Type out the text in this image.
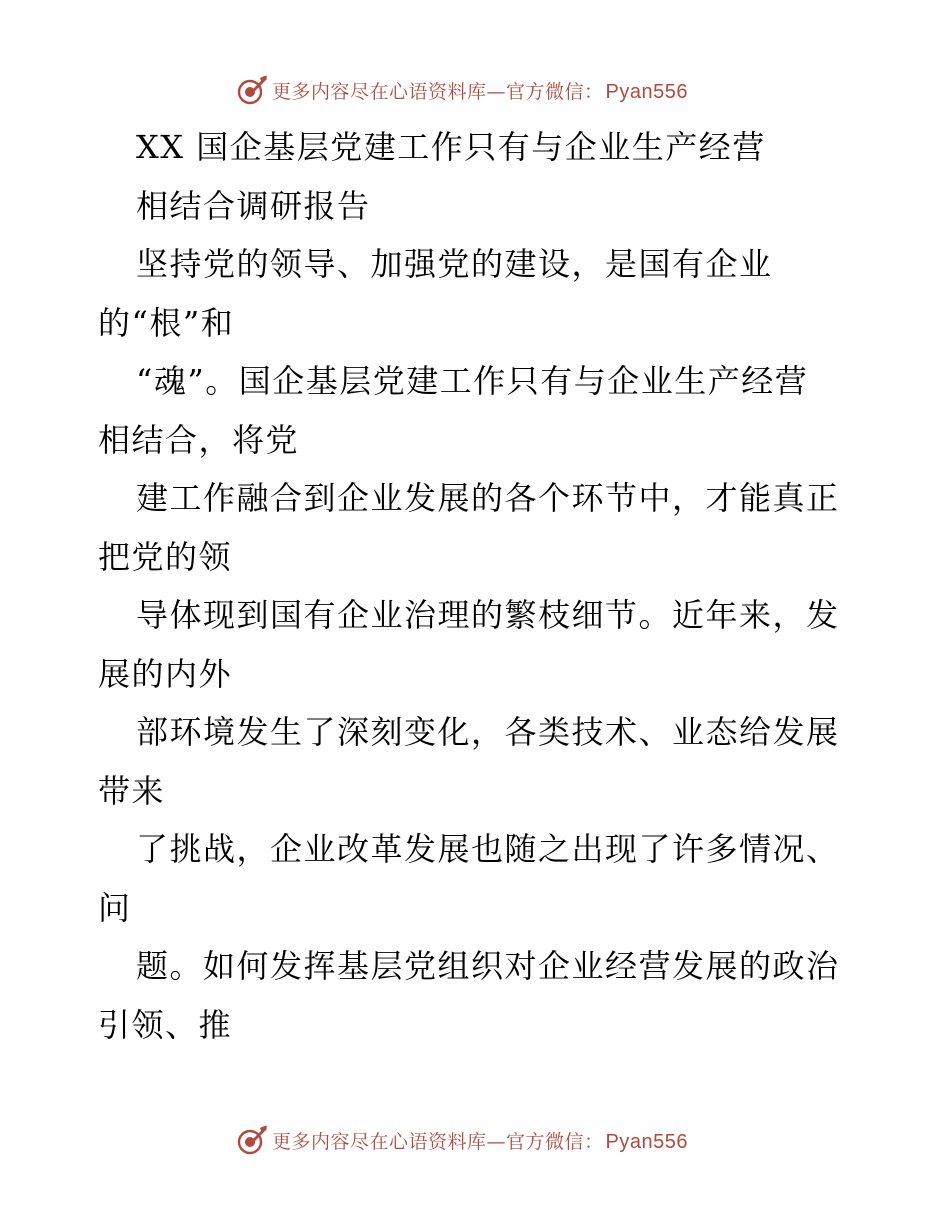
更多内容尽在心语资料库—官方微信： Pyan556
XX 国企基层党建工作只有与企业生产经营
相结合调研报告
坚持党的领导、加强党的建设，是国有企业
的“根”和
“魂”。国企基层党建工作只有与企业生产经营
相结合，将党
建工作融合到企业发展的各个环节中，才能真正
把党的领
导体现到国有企业治理的繁枝细节。近年来，发
展的内外
部环境发生了深刻变化，各类技术、业态给发展
带来
了挑战，企业改革发展也随之出现了许多情况、
问
题。如何发挥基层党组织对企业经营发展的政治
引领、推
更多内容尽在心语资料库—官方微信： Pyan556
